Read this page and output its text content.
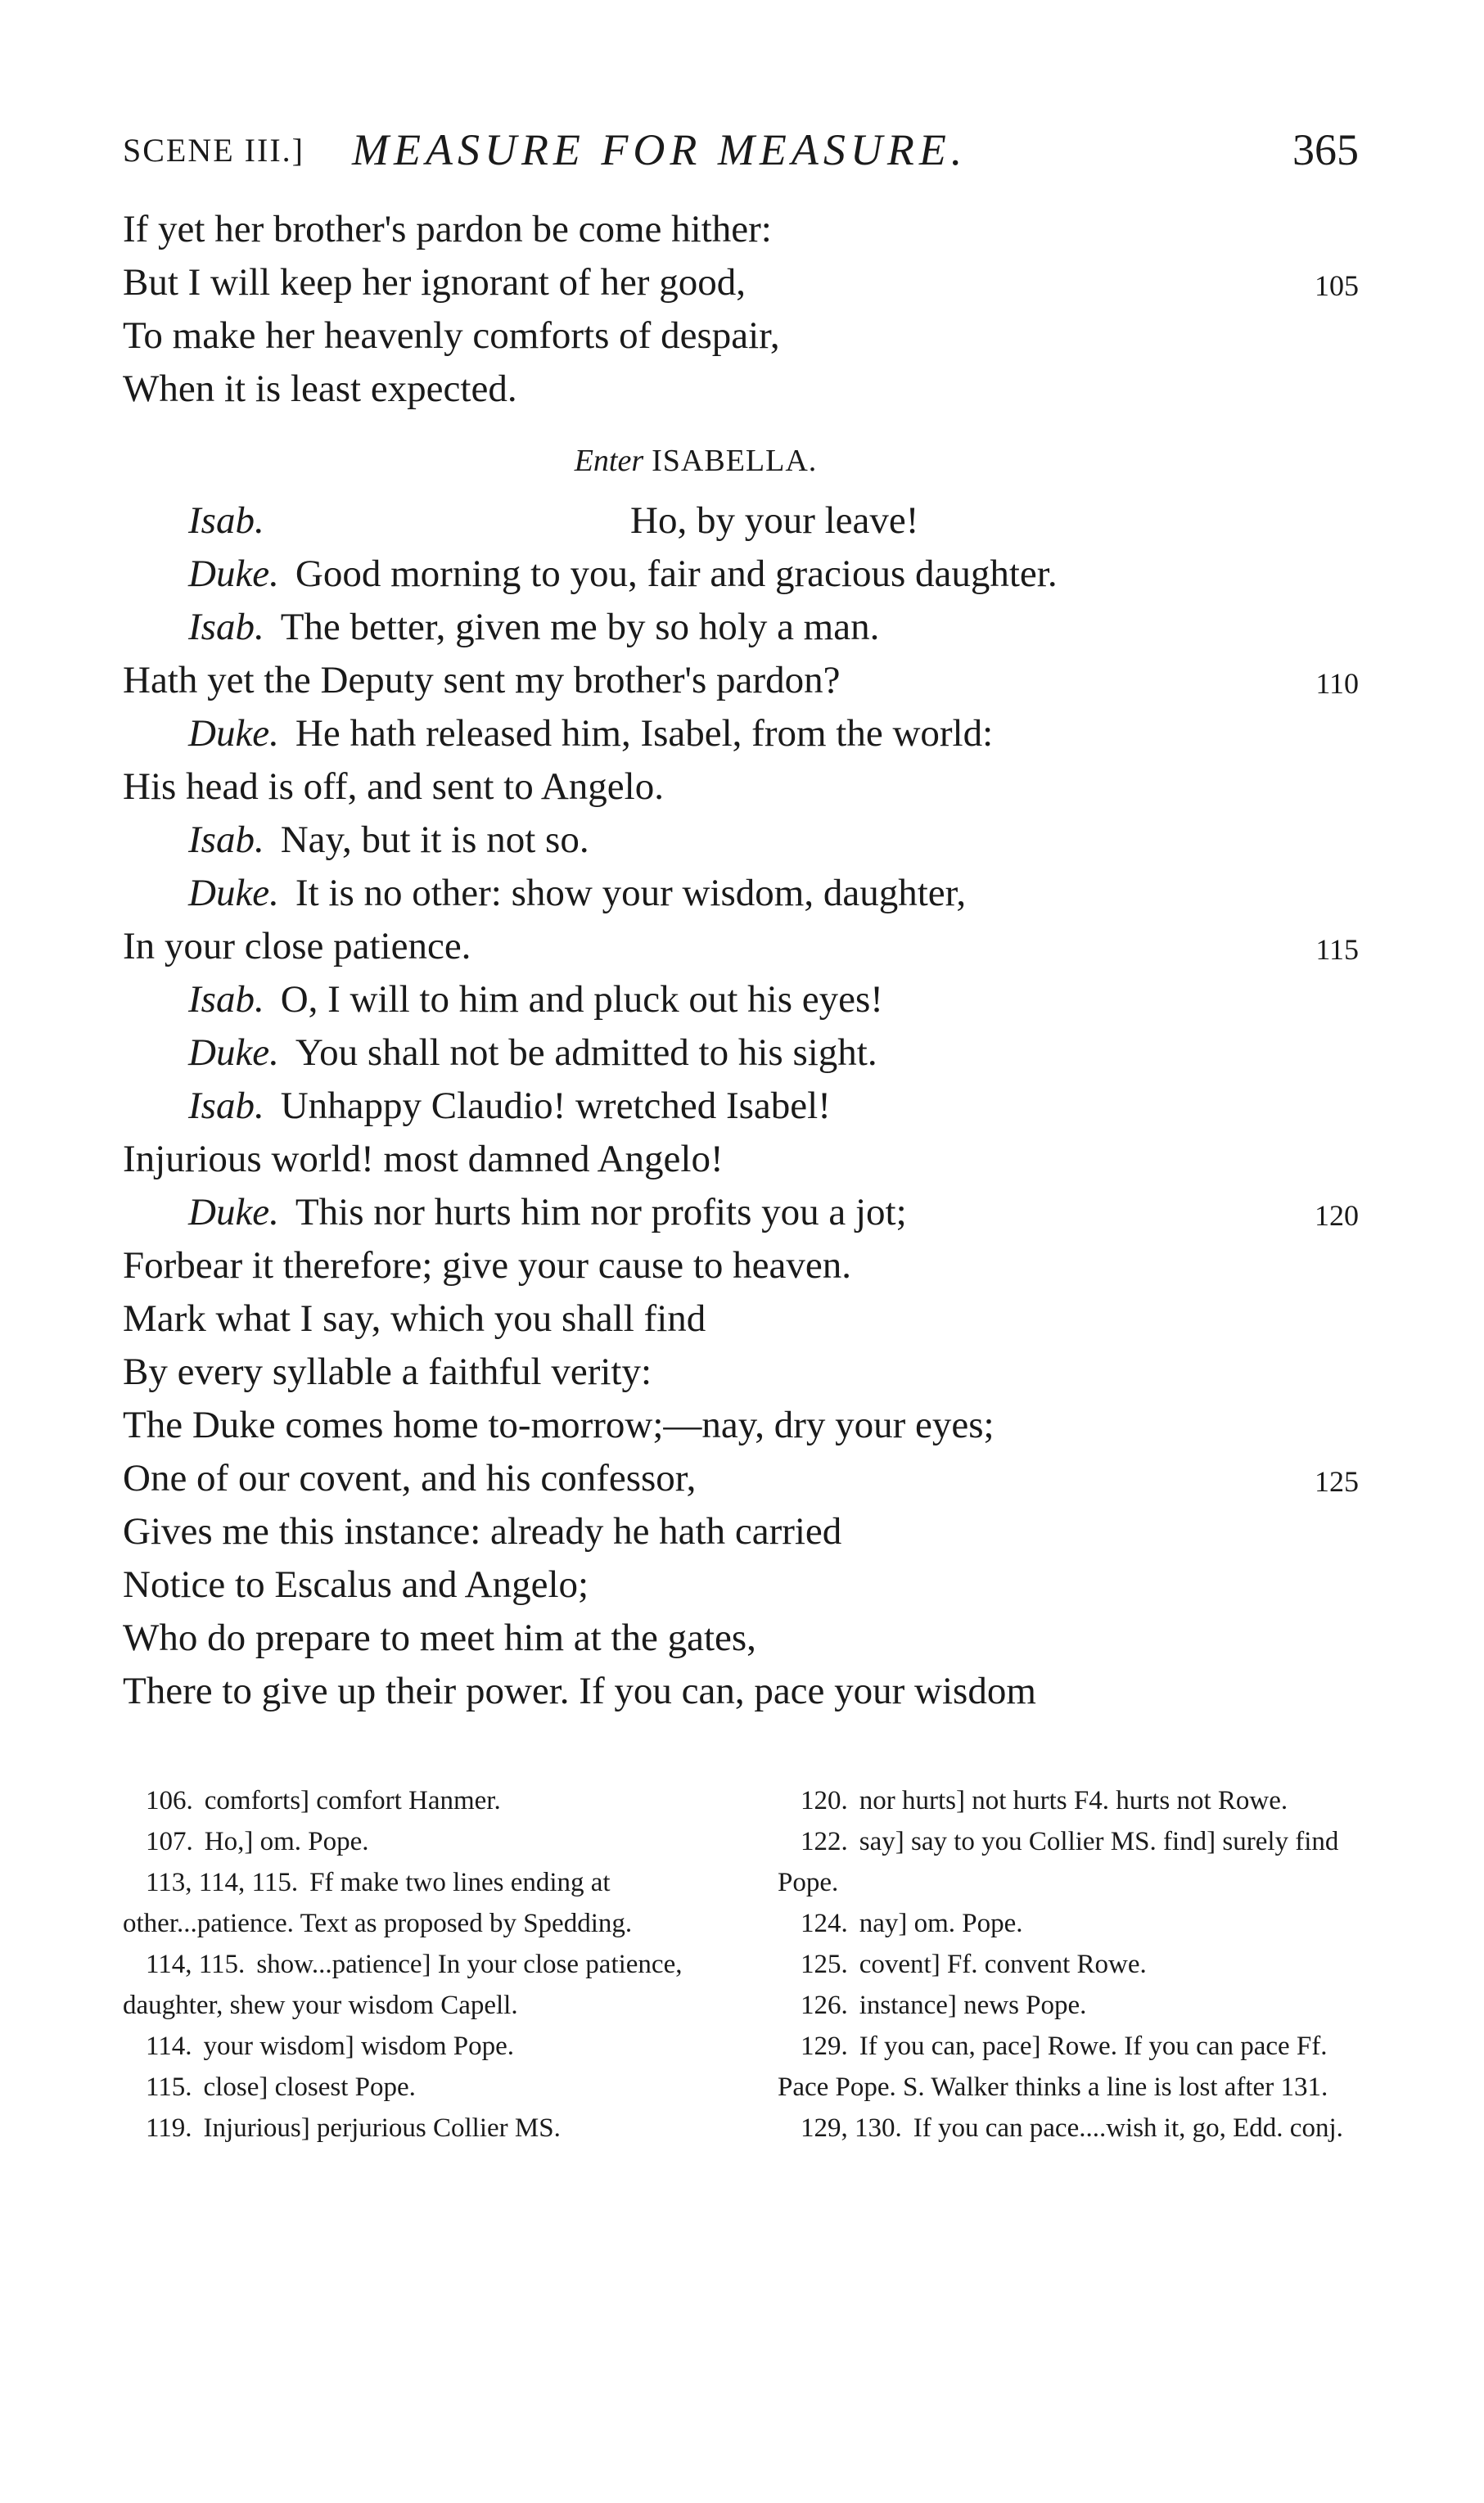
SCENE III.] MEASURE FOR MEASURE.	365
If yet her brother's pardon be come hither:
But I will keep her ignorant of her good,	105
To make her heavenly comforts of despair,
When it is least expected.
Enter ISABELLA.
Isab.	Ho, by your leave!
Duke. Good morning to you, fair and gracious daughter.
Isab. The better, given me by so holy a man.
Hath yet the Deputy sent my brother's pardon?	110
Duke. He hath released him, Isabel, from the world:
His head is off, and sent to Angelo.
Isab. Nay, but it is not so.
Duke. It is no other: show your wisdom, daughter,
In your close patience.	115
Isab. O, I will to him and pluck out his eyes!
Duke. You shall not be admitted to his sight.
Isab. Unhappy Claudio! wretched Isabel!
Injurious world! most damned Angelo!
Duke. This nor hurts him nor profits you a jot;	120
Forbear it therefore; give your cause to heaven.
Mark what I say, which you shall find
By every syllable a faithful verity:
The Duke comes home to-morrow;—nay, dry your eyes;
One of our covent, and his confessor,	125
Gives me this instance: already he hath carried
Notice to Escalus and Angelo;
Who do prepare to meet him at the gates,
There to give up their power. If you can, pace your wisdom
106. comforts] comfort Hanmer.
107. Ho,] om. Pope.
113, 114, 115. Ff make two lines ending at other...patience. Text as proposed by Spedding.
114, 115. show...patience] In your close patience, daughter, shew your wisdom Capell.
114. your wisdom] wisdom Pope.
115. close] closest Pope.
119. Injurious] perjurious Collier MS.
120. nor hurts] not hurts F4. hurts not Rowe.
122. say] say to you Collier MS. find] surely find Pope.
124. nay] om. Pope.
125. covent] Ff. convent Rowe.
126. instance] news Pope.
129. If you can, pace] Rowe. If you can pace Ff. Pace Pope. S. Walker thinks a line is lost after 131.
129, 130. If you can pace....wish it, go, Edd. conj.
